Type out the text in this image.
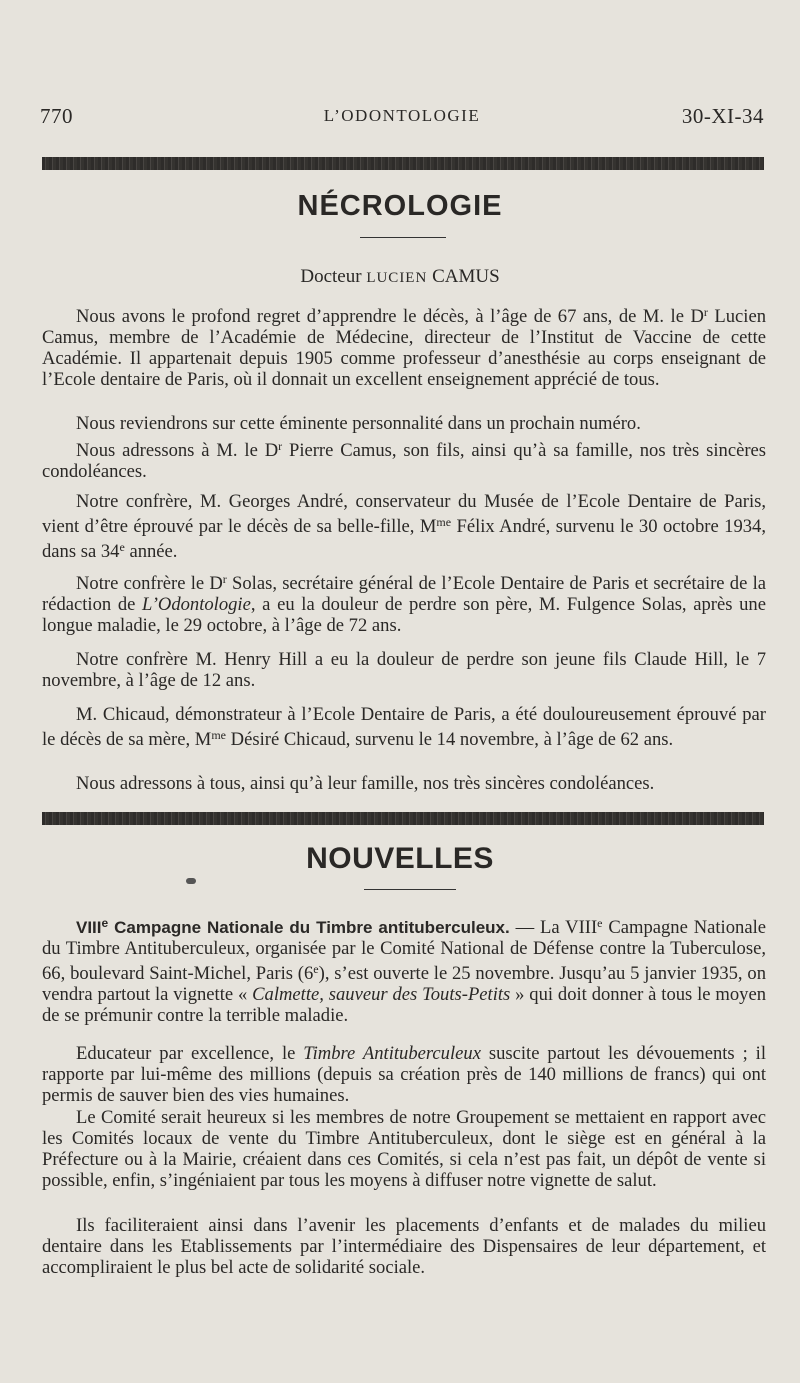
770	L’ODONTOLOGIE	30-XI-34
NÉCROLOGIE
Docteur LUCIEN CAMUS

Nous avons le profond regret d’apprendre le décès, à l’âge de 67 ans, de M. le $D^r$ Lucien Camus, membre de l’Académie de Médecine, directeur de l’Institut de Vaccine de cette Académie. Il appartenait depuis 1905 comme professeur d’anesthésie au corps enseignant de l’Ecole dentaire de Paris, où il donnait un excellent enseignement apprécié de tous.

Nous reviendrons sur cette éminente personnalité dans un prochain numéro.

Nous adressons à M. le $D^r$ Pierre Camus, son fils, ainsi qu’à sa famille, nos très sincères condoléances.

Notre confrère, M. Georges André, conservateur du Musée de l’Ecole Dentaire de Paris, vient d’être éprouvé par le décès de sa belle-fille, $M^{me}$ Félix André, survenu le 30 octobre 1934, dans sa 34e année.

Notre confrère le $D^r$ Solas, secrétaire général de l’Ecole Dentaire de Paris et secrétaire de la rédaction de L’Odontologie, a eu la douleur de perdre son père, M. Fulgence Solas, après une longue maladie, le 29 octobre, à l’âge de 72 ans.

Notre confrère M. Henry Hill a eu la douleur de perdre son jeune fils Claude Hill, le 7 novembre, à l’âge de 12 ans.

M. Chicaud, démonstrateur à l’Ecole Dentaire de Paris, a été douloureusement éprouvé par le décès de sa mère, $M^{me}$ Désiré Chicaud, survenu le 14 novembre, à l’âge de 62 ans.

Nous adressons à tous, ainsi qu’à leur famille, nos très sincères condoléances.

NOUVELLES

VIIIe Campagne Nationale du Timbre antituberculeux. — La VIIIe Campagne Nationale du Timbre Antituberculeux, organisée par le Comité National de Défense contre la Tuberculose, 66, boulevard Saint-Michel, Paris (6e), s’est ouverte le 25 novembre. Jusqu’au 5 janvier 1935, on vendra partout la vignette « Calmette, sauveur des Touts-Petits » qui doit donner à tous le moyen de se prémunir contre la terrible maladie.

Educateur par excellence, le Timbre Antituberculeux suscite partout les dévouements ; il rapporte par lui-même des millions (depuis sa création près de 140 millions de francs) qui ont permis de sauver bien des vies humaines.

Le Comité serait heureux si les membres de notre Groupement se mettaient en rapport avec les Comités locaux de vente du Timbre Antituberculeux, dont le siège est en général à la Préfecture ou à la Mairie, créaient dans ces Comités, si cela n’est pas fait, un dépôt de vente si possible, enfin, s’ingéniaient par tous les moyens à diffuser notre vignette de salut.

Ils faciliteraient ainsi dans l’avenir les placements d’enfants et de malades du milieu dentaire dans les Etablissements par l’intermédiaire des Dispensaires de leur département, et accompliraient le plus bel acte de solidarité sociale.
